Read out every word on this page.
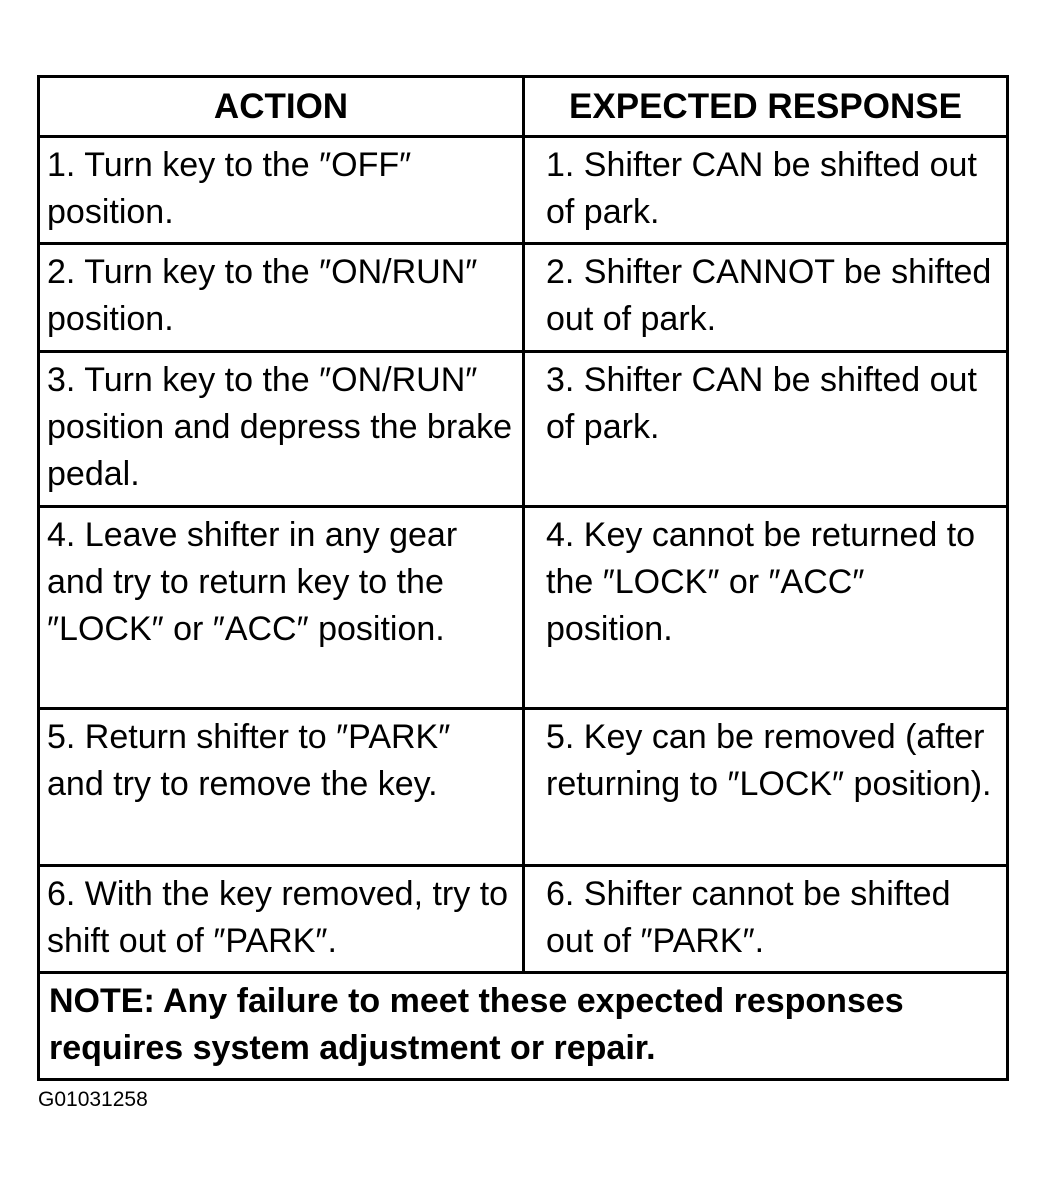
ACTION	EXPECTED RESPONSE
1. Turn key to the ″OFF″ position.	1. Shifter CAN be shifted out of park.
2. Turn key to the ″ON/RUN″ position.	2. Shifter CANNOT be shifted out of park.
3. Turn key to the ″ON/RUN″ position and depress the brake pedal.	3. Shifter CAN be shifted out of park.
4. Leave shifter in any gear and try to return key to the ″LOCK″ or ″ACC″ position.	4. Key cannot be returned to the ″LOCK″ or ″ACC″ position.
5. Return shifter to ″PARK″ and try to remove the key.	5. Key can be removed (after returning to ″LOCK″ position).
6. With the key removed, try to shift out of ″PARK″.	6. Shifter cannot be shifted out of ″PARK″.
NOTE: Any failure to meet these expected responses requires system adjustment or repair.	
G01031258
